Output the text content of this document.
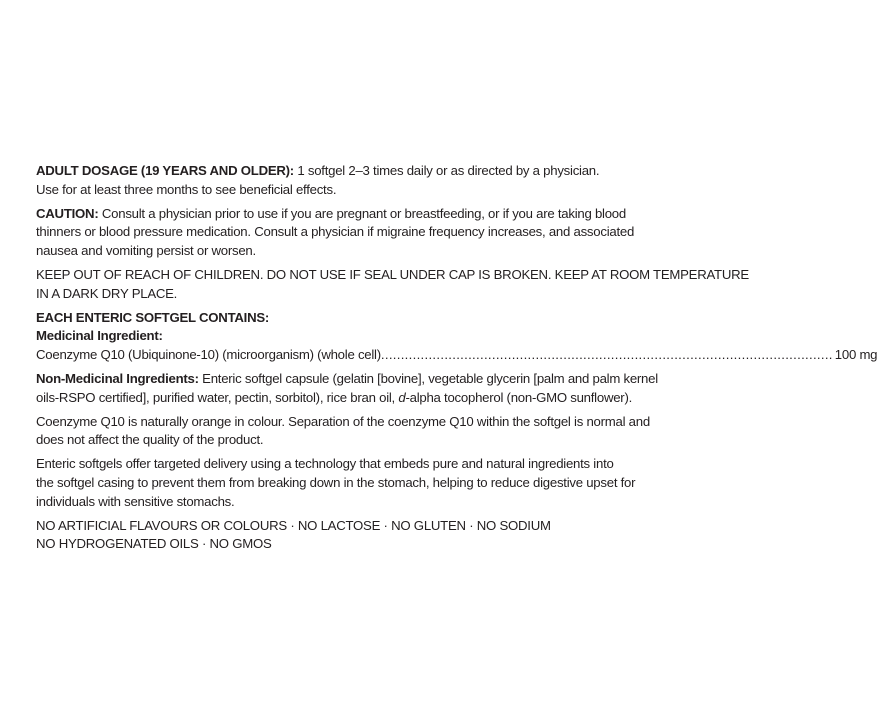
ADULT DOSAGE (19 YEARS AND OLDER): 1 softgel 2–3 times daily or as directed by a physician.
Use for at least three months to see beneficial effects.
CAUTION: Consult a physician prior to use if you are pregnant or breastfeeding, or if you are taking blood
thinners or blood pressure medication. Consult a physician if migraine frequency increases, and associated
nausea and vomiting persist or worsen.
KEEP OUT OF REACH OF CHILDREN. DO NOT USE IF SEAL UNDER CAP IS BROKEN. KEEP AT ROOM TEMPERATURE
IN A DARK DRY PLACE.
EACH ENTERIC SOFTGEL CONTAINS:
Medicinal Ingredient:
Coenzyme Q10 (Ubiquinone-10) (microorganism) (whole cell) .................................................................................................................. 100 mg
Non-Medicinal Ingredients: Enteric softgel capsule (gelatin [bovine], vegetable glycerin [palm and palm kernel
oils-RSPO certified], purified water, pectin, sorbitol), rice bran oil, d-alpha tocopherol (non-GMO sunflower).
Coenzyme Q10 is naturally orange in colour. Separation of the coenzyme Q10 within the softgel is normal and
does not affect the quality of the product.
Enteric softgels offer targeted delivery using a technology that embeds pure and natural ingredients into
the softgel casing to prevent them from breaking down in the stomach, helping to reduce digestive upset for
individuals with sensitive stomachs.
NO ARTIFICIAL FLAVOURS OR COLOURS · NO LACTOSE · NO GLUTEN · NO SODIUM
NO HYDROGENATED OILS · NO GMOS
